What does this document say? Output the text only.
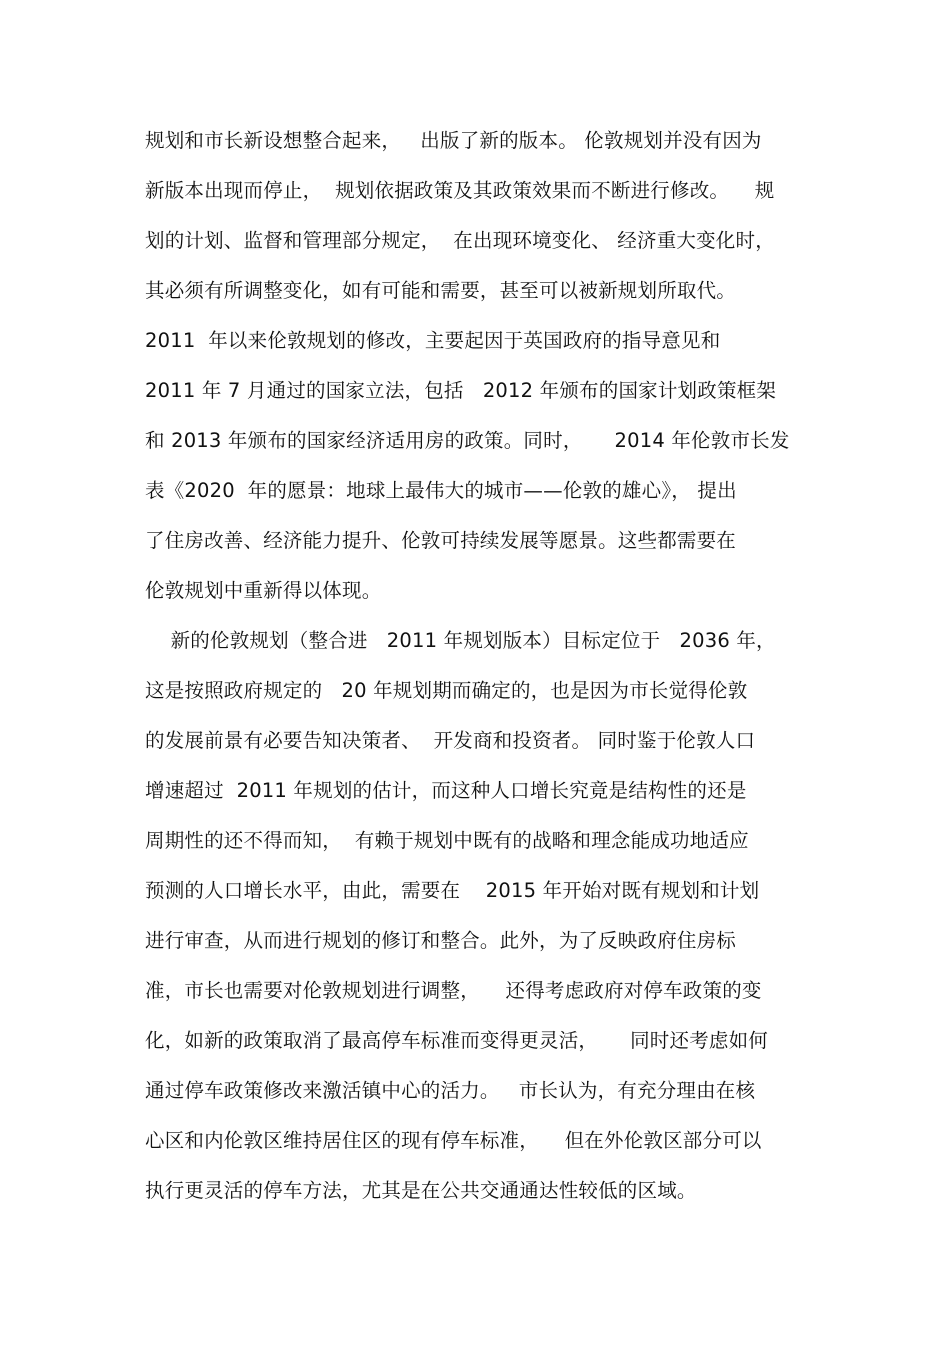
规划和市长新设想整合起来，   出版了新的版本。 伦敦规划并没有因为
新版本出现而停止，  规划依据政策及其政策效果而不断进行修改。    规
划的计划、监督和管理部分规定，  在出现环境变化、 经济重大变化时，
其必须有所调整变化，如有可能和需要，甚至可以被新规划所取代。
2011  年以来伦敦规划的修改，主要起因于英国政府的指导意见和
2011 年 7 月通过的国家立法，包括   2012 年颁布的国家计划政策框架
和 2013 年颁布的国家经济适用房的政策。同时，     2014 年伦敦市长发
表《2020  年的愿景：地球上最伟大的城市——伦敦的雄心》， 提出
了住房改善、经济能力提升、伦敦可持续发展等愿景。这些都需要在
伦敦规划中重新得以体现。
新的伦敦规划（整合进   2011 年规划版本）目标定位于   2036 年，
这是按照政府规定的   20 年规划期而确定的，也是因为市长觉得伦敦
的发展前景有必要告知决策者、  开发商和投资者。 同时鉴于伦敦人口
增速超过  2011 年规划的估计，而这种人口增长究竟是结构性的还是
周期性的还不得而知，  有赖于规划中既有的战略和理念能成功地适应
预测的人口增长水平，由此，需要在    2015 年开始对既有规划和计划
进行审查，从而进行规划的修订和整合。此外，为了反映政府住房标
准，市长也需要对伦敦规划进行调整，    还得考虑政府对停车政策的变
化，如新的政策取消了最高停车标准而变得更灵活，     同时还考虑如何
通过停车政策修改来激活镇中心的活力。   市长认为，有充分理由在核
心区和内伦敦区维持居住区的现有停车标准，    但在外伦敦区部分可以
执行更灵活的停车方法，尤其是在公共交通通达性较低的区域。
